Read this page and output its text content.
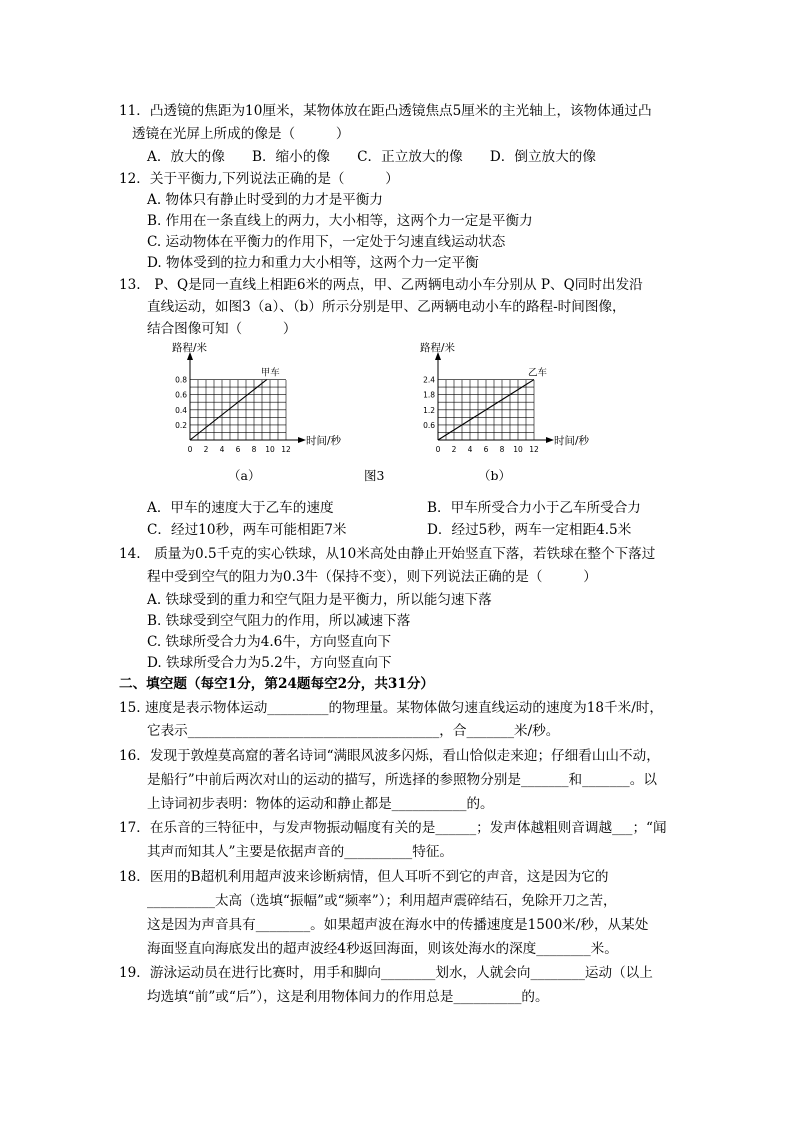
11．凸透镜的焦距为10厘米，某物体放在距凸透镜焦点5厘米的主光轴上，该物体通过凸
透镜在光屏上所成的像是（　　　）
A．放大的像　　B．缩小的像　　C．正立放大的像　　D．倒立放大的像
12．关于平衡力,下列说法正确的是（　　　）
A. 物体只有静止时受到的力才是平衡力
B. 作用在一条直线上的两力，大小相等，这两个力一定是平衡力
C. 运动物体在平衡力的作用下，一定处于匀速直线运动状态
D. 物体受到的拉力和重力大小相等，这两个力一定平衡
13.　P、Q是同一直线上相距6米的两点，甲、乙两辆电动小车分别从 P、Q同时出发沿
直线运动，如图3（a）、（b）所示分别是甲、乙两辆电动小车的路程-时间图像，
结合图像可知（　　　）
0.2
0.4
0.6
0.8
0 2 4 6 8 10 12
路程/米
时间/秒
甲车
0.6
1.2
1.8
2.4
0 2 4 6 8 10 12
路程/米
时间/秒
乙车
（a）	图3	（b）
A．甲车的速度大于乙车的速度	B．甲车所受合力小于乙车所受合力
C．经过10秒，两车可能相距7米	D．经过5秒，两车一定相距4.5米
14.　质量为0.5千克的实心铁球，从10米高处由静止开始竖直下落，若铁球在整个下落过
程中受到空气的阻力为0.3牛（保持不变），则下列说法正确的是（　　　）
A. 铁球受到的重力和空气阻力是平衡力，所以能匀速下落
B. 铁球受到空气阻力的作用，所以减速下落
C. 铁球所受合力为4.6牛，方向竖直向下
D. 铁球所受合力为5.2牛，方向竖直向下
二、填空题（每空1分，第24题每空2分，共31分）
15. 速度是表示物体运动_________的物理量。某物体做匀速直线运动的速度为18千米/时，
它表示_____________________________________，合_______米/秒。
16．发现于敦煌莫高窟的著名诗词“满眼风波多闪烁，看山恰似走来迎；仔细看山山不动，
是船行”中前后两次对山的运动的描写，所选择的参照物分别是_______和_______。以
上诗词初步表明：物体的运动和静止都是___________的。
17．在乐音的三特征中，与发声物振动幅度有关的是______；发声体越粗则音调越___；“闻
其声而知其人”主要是依据声音的__________特征。
18．医用的B超机利用超声波来诊断病情，但人耳听不到它的声音，这是因为它的
__________太高（选填“振幅”或“频率”）；利用超声震碎结石，免除开刀之苦，
这是因为声音具有________。如果超声波在海水中的传播速度是1500米/秒，从某处
海面竖直向海底发出的超声波经4秒返回海面，则该处海水的深度________米。
19．游泳运动员在进行比赛时，用手和脚向________划水，人就会向________运动（以上
均选填“前”或“后”），这是利用物体间力的作用总是__________的。
